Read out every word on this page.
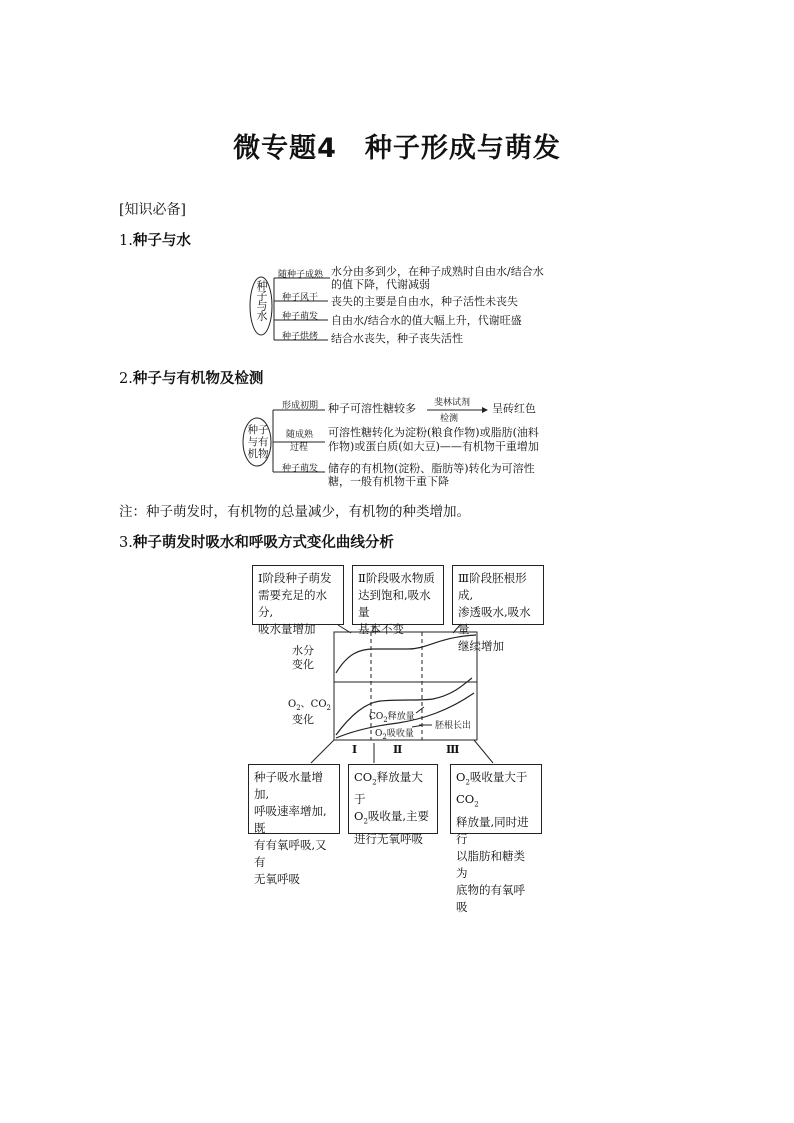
微专题4　种子形成与萌发
[知识必备]
1.种子与水
种子与水
随种子成熟
种子风干
种子萌发
种子烘烤
水分由多到少，在种子成熟时自由水/结合水
的值下降，代谢减弱
丧失的主要是自由水，种子活性未丧失
自由水/结合水的值大幅上升，代谢旺盛
结合水丧失，种子丧失活性
2.种子与有机物及检测
种子与有机物
形成初期
随成熟
过程
种子萌发
种子可溶性糖较多 斐林试剂
检测
呈砖红色
可溶性糖转化为淀粉(粮食作物)或脂肪(油料
作物)或蛋白质(如大豆)——有机物干重增加
储存的有机物(淀粉、脂肪等)转化为可溶性
糖，一般有机物干重下降
注：种子萌发时，有机物的总量减少，有机物的种类增加。
3.种子萌发时吸水和呼吸方式变化曲线分析
Ⅰ阶段种子萌发
需要充足的水分,
吸水量增加
Ⅱ阶段吸水物质
达到饱和,吸水量
基本不变
Ⅲ阶段胚根形成,
渗透吸水,吸水量
继续增加
水分
变化
$O_2$、$CO_2$
变化	$CO_2$释放量
$O_2$吸收量
胚根长出
Ⅰ	Ⅱ	Ⅲ
种子吸水量增加,
呼吸速率增加,既
有有氧呼吸,又有
无氧呼吸
$CO_2$释放量大于
$O_2$吸收量,主要
进行无氧呼吸
$O_2$吸收量大于$CO_2$
释放量,同时进行
以脂肪和糖类为
底物的有氧呼吸
